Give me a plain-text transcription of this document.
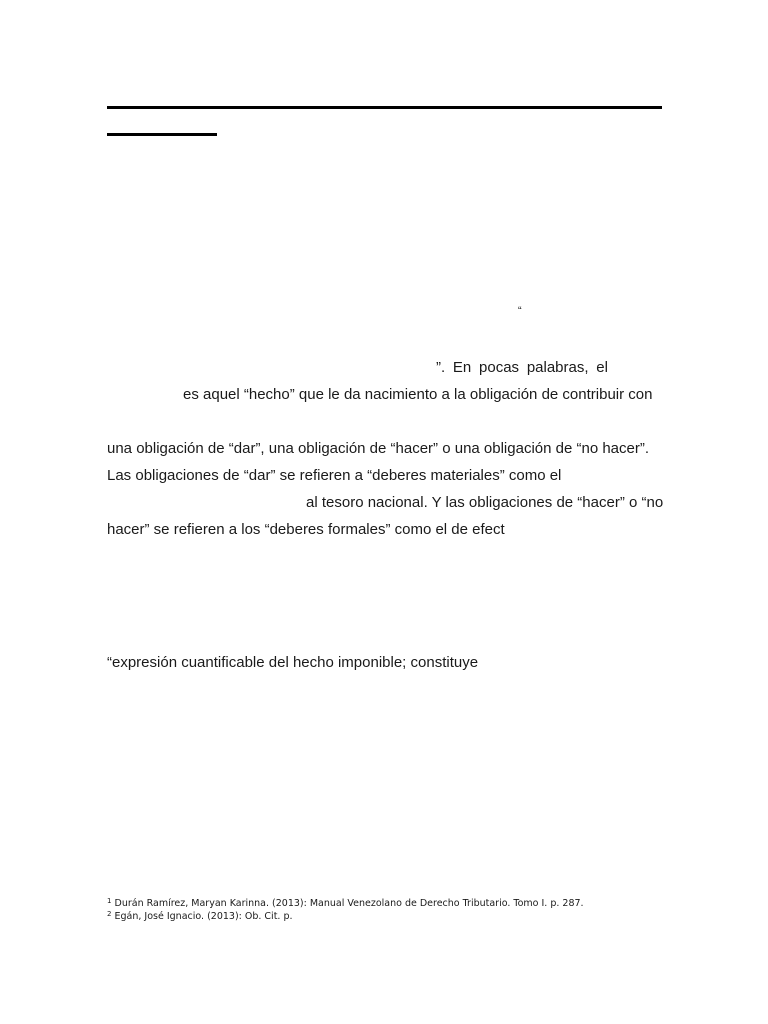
“
”. En pocas palabras, el
es aquel “hecho” que le da nacimiento a la obligación de contribuir con
una obligación de “dar”, una obligación de “hacer” o una obligación de “no hacer”.
Las obligaciones de “dar” se refieren a “deberes materiales” como el
al tesoro nacional. Y las obligaciones de “hacer” o “no
hacer” se refieren a los “deberes formales” como el de efect
“expresión cuantificable del hecho imponible; constituye
$^1$ Durán Ramírez, Maryan Karinna. (2013): Manual Venezolano de Derecho Tributario. Tomo I. p. 287.
$^2$ Egán, José Ignacio. (2013): Ob. Cit. p.
